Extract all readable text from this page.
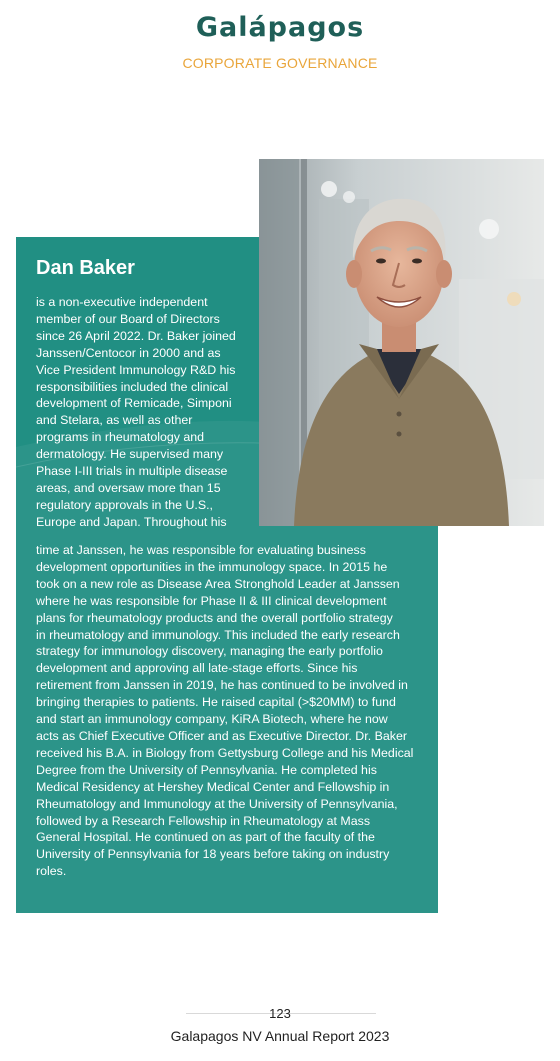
Galápagos
CORPORATE GOVERNANCE
Dan Baker
is a non-executive independent
member of our Board of Directors
since 26 April 2022. Dr. Baker joined
Janssen/Centocor in 2000 and as
Vice President Immunology R&D his
responsibilities included the clinical
development of Remicade, Simponi
and Stelara, as well as other
programs in rheumatology and
dermatology. He supervised many
Phase I-III trials in multiple disease
areas, and oversaw more than 15
regulatory approvals in the U.S.,
Europe and Japan. Throughout his
time at Janssen, he was responsible for evaluating business
development opportunities in the immunology space. In 2015 he
took on a new role as Disease Area Stronghold Leader at Janssen
where he was responsible for Phase II & III clinical development
plans for rheumatology products and the overall portfolio strategy
in rheumatology and immunology. This included the early research
strategy for immunology discovery, managing the early portfolio
development and approving all late-stage efforts. Since his
retirement from Janssen in 2019, he has continued to be involved in
bringing therapies to patients. He raised capital (>$20MM) to fund
and start an immunology company, KiRA Biotech, where he now
acts as Chief Executive Officer and as Executive Director. Dr. Baker
received his B.A. in Biology from Gettysburg College and his Medical
Degree from the University of Pennsylvania. He completed his
Medical Residency at Hershey Medical Center and Fellowship in
Rheumatology and Immunology at the University of Pennsylvania,
followed by a Research Fellowship in Rheumatology at Mass
General Hospital. He continued on as part of the faculty of the
University of Pennsylvania for 18 years before taking on industry
roles.
123
Galapagos NV Annual Report 2023
